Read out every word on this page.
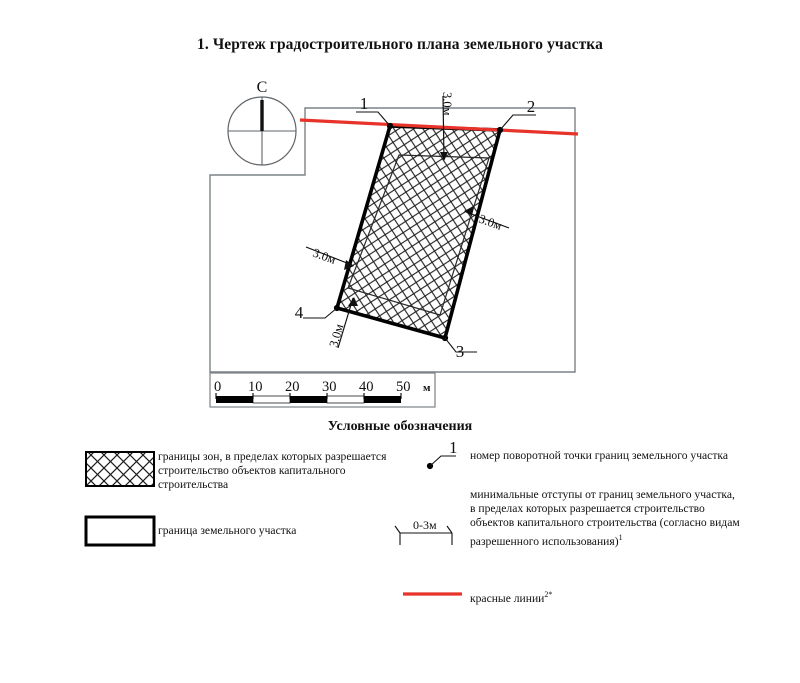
1. Чертеж градостроительного плана земельного участка
С
1	2
3
4
3.0м
3.0м
3.0м
3.0м
0 10 20 30 40 50 м
1
0-3м
Условные обозначения
границы зон, в пределах которых разрешается строительство объектов капитального строительства
граница земельного участка
номер поворотной точки границ земельного участка
минимальные отступы от границ земельного участка, в пределах которых разрешается строительство объектов капитального строительства (согласно видам разрешенного использования)$^1$
красные линии$^{2*}$
